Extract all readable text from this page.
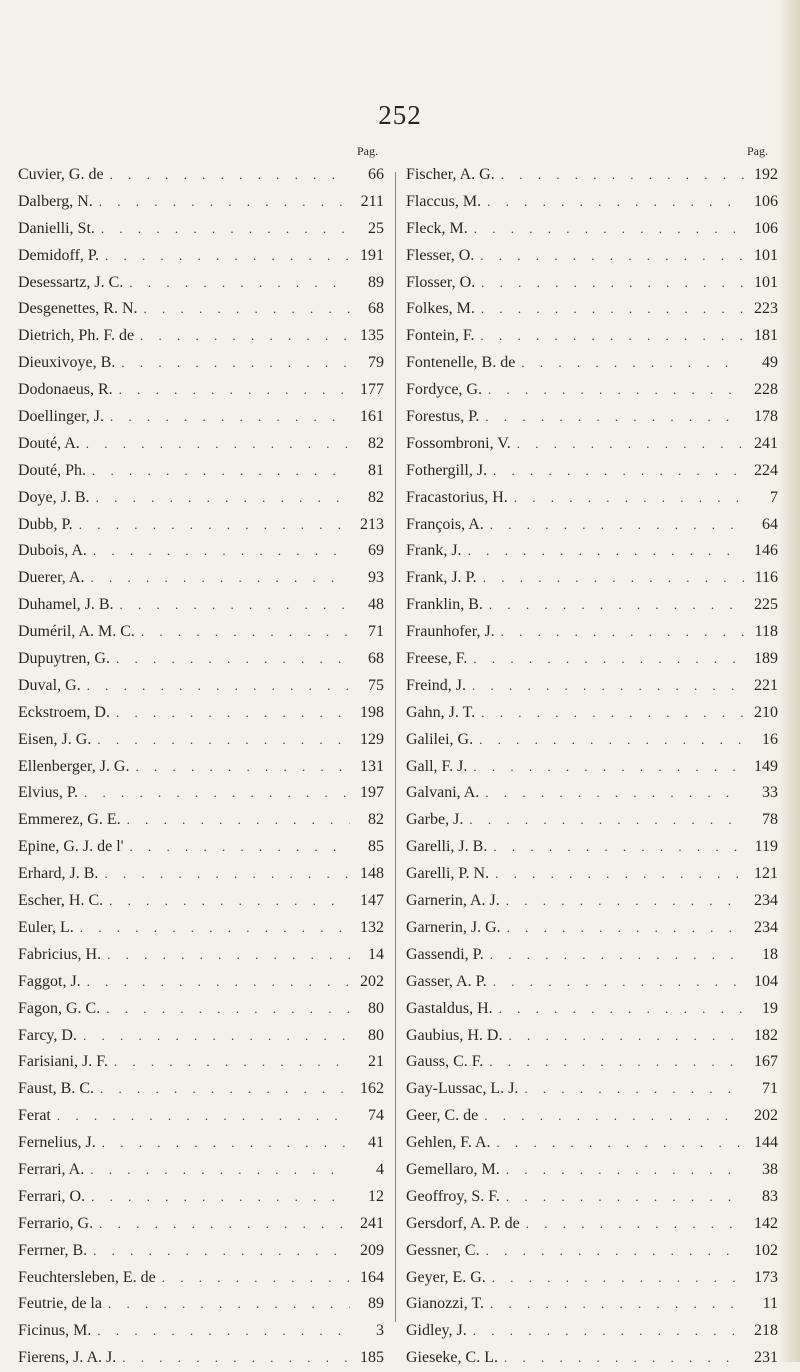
252
Pag.
Cuvier, G. de . . .	66
Dalberg, N. . . .	211
Danielli, St. . . .	25
Demidoff, P. . . .	191
Desessartz, J. C. . . .	89
Desgenettes, R. N. . . .	68
Dietrich, Ph. F. de . . .	135
Dieuxivoye, B. . . .	79
Dodonaeus, R. . . .	177
Doellinger, J. . . .	161
Douté, A. . . .	82
Douté, Ph. . . .	81
Doye, J. B. . . .	82
Dubb, P. . . .	213
Dubois, A. . . .	69
Duerer, A. . . .	93
Duhamel, J. B. . . .	48
Duméril, A. M. C. . . .	71
Dupuytren, G. . . .	68
Duval, G. . . .	75
Eckstroem, D. . . .	198
Eisen, J. G. . . .	129
Ellenberger, J. G. . . .	131
Elvius, P. . . .	197
Emmerez, G. E. . . .	82
Epine, G. J. de l' . . .	85
Erhard, J. B. . . .	148
Escher, H. C. . . .	147
Euler, L. . . .	132
Fabricius, H. . . .	14
Faggot, J. . . .	202
Fagon, G. C. . . .	80
Farcy, D. . . .	80
Farisiani, J. F. . . .	21
Faust, B. C. . . .	162
Ferat . . .	74
Fernelius, J. . . .	41
Ferrari, A. . . .	4
Ferrari, O. . . .	12
Ferrario, G. . . .	241
Ferrner, B. . . .	209
Feuchtersleben, E. de . . .	164
Feutrie, de la . . .	89
Ficinus, M. . . .	3
Fierens, J. A. J. . . .	185
Pag.
Fischer, A. G. . . .	192
Flaccus, M. . . .	106
Fleck, M. . . .	106
Flesser, O. . . .	101
Flosser, O. . . .	101
Folkes, M. . . .	223
Fontein, F. . . .	181
Fontenelle, B. de . . .	49
Fordyce, G. . . .	228
Forestus, P. . . .	178
Fossombroni, V. . . .	241
Fothergill, J. . . .	224
Fracastorius, H. . . .	7
François, A. . . .	64
Frank, J. . . .	146
Frank, J. P. . . .	116
Franklin, B. . . .	225
Fraunhofer, J. . . .	118
Freese, F. . . .	189
Freind, J. . . .	221
Gahn, J. T. . . .	210
Galilei, G. . . .	16
Gall, F. J. . . .	149
Galvani, A. . . .	33
Garbe, J. . . .	78
Garelli, J. B. . . .	119
Garelli, P. N. . . .	121
Garnerin, A. J. . . .	234
Garnerin, J. G. . . .	234
Gassendi, P. . . .	18
Gasser, A. P. . . .	104
Gastaldus, H. . . .	19
Gaubius, H. D. . . .	182
Gauss, C. F. . . .	167
Gay-Lussac, L. J. . . .	71
Geer, C. de . . .	202
Gehlen, F. A. . . .	144
Gemellaro, M. . . .	38
Geoffroy, S. F. . . .	83
Gersdorf, A. P. de . . .	142
Gessner, C. . . .	102
Geyer, E. G. . . .	173
Gianozzi, T. . . .	11
Gidley, J. . . .	218
Gieseke, C. L. . . .	231
